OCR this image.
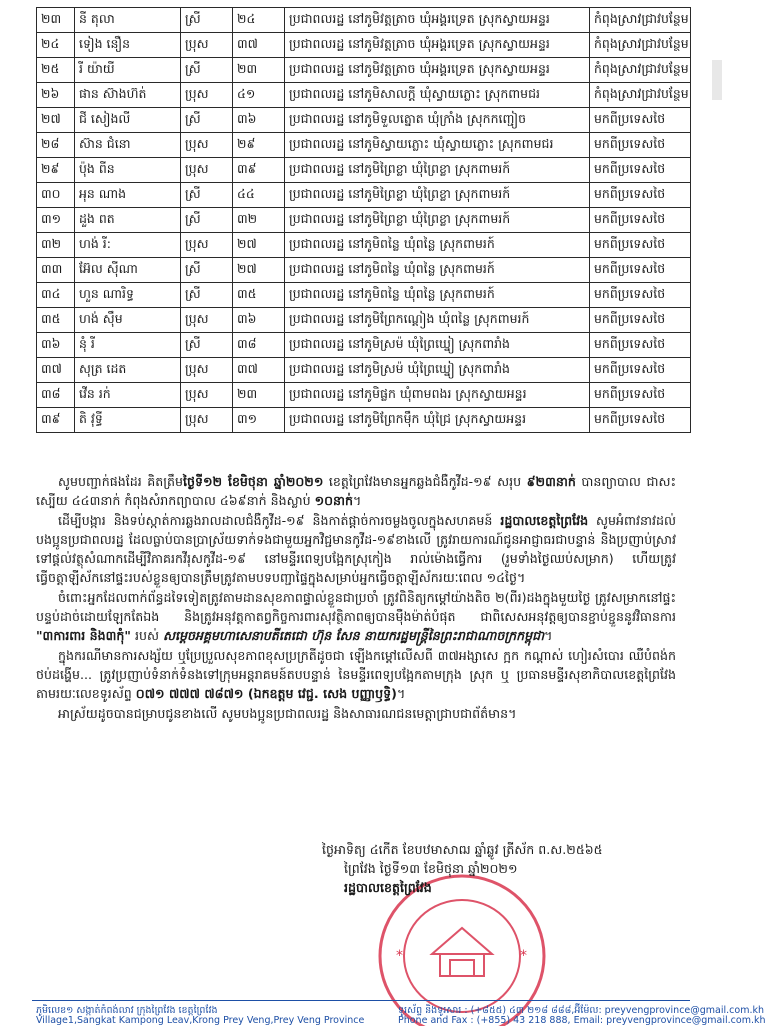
២៣	នី តុលា	ស្រី	២៤	ប្រជាពលរដ្ឋ នៅភូមិវត្តត្រាច ឃុំអង្គរទ្រេត ស្រុកស្វាយអន្ទរ	កំពុងស្រាវជ្រាវបន្ថែម
២៤	ទៀង នឿន	ប្រុស	៣៧	ប្រជាពលរដ្ឋ នៅភូមិវត្តត្រាច ឃុំអង្គរទ្រេត ស្រុកស្វាយអន្ទរ	កំពុងស្រាវជ្រាវបន្ថែម
២៥	រី យ៉ាយី	ស្រី	២៣	ប្រជាពលរដ្ឋ នៅភូមិវត្តត្រាច ឃុំអង្គរទ្រេត ស្រុកស្វាយអន្ទរ	កំពុងស្រាវជ្រាវបន្ថែម
២៦	ផាន ស៊ាងហ៊ត់	ប្រុស	៤១	ប្រជាពលរដ្ឋ នៅភូមិសាលក្តី ឃុំស្វាយភ្លោះ ស្រុកពាមជរ	កំពុងស្រាវជ្រាវបន្ថែម
២៧	ជី សៀងលី	ស្រី	៣៦	ប្រជាពលរដ្ឋ នៅភូមិទួលត្នោត ឃុំក្រាំង ស្រុកកញ្ជៀច	មកពីប្រទេសថៃ
២៨	ស៊ាន ជំនោ	ប្រុស	២៩	ប្រជាពលរដ្ឋ នៅភូមិស្វាយភ្លោះ ឃុំស្វាយភ្លោះ ស្រុកពាមជរ	មកពីប្រទេសថៃ
២៩	ប៉ុង ពីន	ប្រុស	៣៩	ប្រជាពលរដ្ឋ នៅភូមិព្រៃខ្លា ឃុំព្រៃខ្លា ស្រុកពាមរក៍	មកពីប្រទេសថៃ
៣០	អុន ណាង	ស្រី	៤៤	ប្រជាពលរដ្ឋ នៅភូមិព្រៃខ្លា ឃុំព្រៃខ្លា ស្រុកពាមរក៍	មកពីប្រទេសថៃ
៣១	ដួង ពត	ស្រី	៣២	ប្រជាពលរដ្ឋ នៅភូមិព្រៃខ្លា ឃុំព្រៃខ្លា ស្រុកពាមរក៍	មកពីប្រទេសថៃ
៣២	ហង់ រី:	ប្រុស	២៧	ប្រជាពលរដ្ឋ នៅភូមិពន្លៃ ឃុំពន្លៃ ស្រុកពាមរក៍	មកពីប្រទេសថៃ
៣៣	អ៊ែល ស៊ីណា	ស្រី	២៧	ប្រជាពលរដ្ឋ នៅភូមិពន្លៃ ឃុំពន្លៃ ស្រុកពាមរក៍	មកពីប្រទេសថៃ
៣៤	ហួន ណារិទ្ធ	ស្រី	៣៥	ប្រជាពលរដ្ឋ នៅភូមិពន្លៃ ឃុំពន្លៃ ស្រុកពាមរក៍	មកពីប្រទេសថៃ
៣៥	ហង់ ស៊ឹម	ប្រុស	៣៦	ប្រជាពលរដ្ឋ នៅភូមិព្រែកណ្តៀង ឃុំពន្លៃ ស្រុកពាមរក៍	មកពីប្រទេសថៃ
៣៦	នុំ រី	ស្រី	៣៨	ប្រជាពលរដ្ឋ នៅភូមិស្រម៉ ឃុំព្រៃឃ្នៀ ស្រុកពារាំង	មកពីប្រទេសថៃ
៣៧	សុត្រ ដេត	ប្រុស	៣៧	ប្រជាពលរដ្ឋ នៅភូមិស្រម៉ ឃុំព្រៃឃ្នៀ ស្រុកពារាំង	មកពីប្រទេសថៃ
៣៨	វើន រក់	ប្រុស	២៣	ប្រជាពលរដ្ឋ នៅភូមិផ្លក ឃុំពាមពងរ ស្រុកស្វាយអន្ទរ	មកពីប្រទេសថៃ
៣៩	តិ វុទ្ធី	ប្រុស	៣១	ប្រជាពលរដ្ឋ នៅភូមិព្រែកម៉ឹក ឃុំជ្រៃ ស្រុកស្វាយអន្ទរ	មកពីប្រទេសថៃ

សូមបញ្ជាក់ផងដែរ គិតត្រឹមថ្ងៃទី១២ ខែមិថុនា ឆ្នាំ២០២១ ខេត្តព្រៃវែងមានអ្នកឆ្លងជំងឺកូវីដ-១៩ សរុប ៩២៣នាក់ បានព្យាបាល ជាសះស្បើយ ៤៤៣នាក់ កំពុងសំរាកព្យាបាល ៤៦៩នាក់ និងស្លាប់ ១០នាក់។

ដើម្បីបង្ការ និងទប់ស្កាត់ការឆ្លងរាលដាលជំងឺកូវីដ-១៩ និងកាត់ផ្តាច់ការចម្លងចូលក្នុងសហគមន៍ រដ្ឋបាលខេត្តព្រៃវែង សូមអំពាវនាវដល់ បងប្អូនប្រជាពលរដ្ឋ ដែលធ្លាប់បានប្រាស្រ័យទាក់ទងជាមួយអ្នកវិជ្ជមានកូវីដ-១៩ខាងលើ ត្រូវរាយការណ៍ជូនអាជ្ញាធរជាបន្ទាន់ និងប្រញាប់ស្រាវទៅផ្តល់វត្ថុសំណាកដើម្បីវិភាគរកវីរុសកូវីដ-១៩ នៅមន្ទីរពេទ្យបង្អែកស្រុកៀង រាល់ម៉ោងធ្វើការ (រួមទាំងថ្ងៃឈប់សម្រាក) ហើយត្រូវធ្វើចត្តាឡីស័កនៅផ្ទះរបស់ខ្លួនឲ្យបានត្រឹមត្រូវតាមបទបញ្ជាផ្ទៃក្នុងសម្រាប់អ្នកធ្វើចត្តាឡីស័ករយៈពេល ១៤ថ្ងៃ។

ចំពោះអ្នកដែលពាក់ព័ន្ធដទៃទៀតត្រូវតាមដានសុខភាពផ្ទាល់ខ្លួនជាប្រចាំ ត្រូវពិនិត្យកម្តៅយ៉ាងតិច ២(ពីរ)ដងក្នុងមួយថ្ងៃ ត្រូវសម្រាកនៅផ្ទះបន្ទប់ដាច់ដោយឡែកតែឯង និងត្រូវអនុវត្តកាតព្វកិច្ចការពារសុវត្ថិភាពឲ្យបានម៉ឺងម៉ាត់បំផុត ជាពិសេសអនុវត្តឲ្យបានខ្ជាប់ខ្ជួននូវវិធានការ "៣ការពារ និង៣កុំ" របស់ សម្តេចអគ្គមហាសេនាបតីតេជោ ហ៊ុន សែន នាយករដ្ឋមន្ត្រីនៃព្រះរាជាណាចក្រកម្ពុជា។

ក្នុងករណីមានការសង្ស័យ ឬប្រែប្រួលសុខភាពខុសប្រក្រតីដូចជា ឡើងកម្តៅលើសពី ៣៧អង្សាសេ ក្អក កណ្តាស់ ហៀរសំបោរ ឈឺបំពង់ក ថប់ដង្ហើម... ត្រូវប្រញាប់ទំនាក់ទំនងទៅក្រុមអន្តរាគមន៍តបបន្ទាន់ នៃមន្ទីរពេទ្យបង្អែកតាមក្រុង ស្រុក ឬ ប្រធានមន្ទីរសុខាភិបាលខេត្តព្រៃវែង តាមរយៈលេខទូរស័ព្ទ ០៧១ ៧៧៧ ៧៨៧១ (ឯកឧត្តម វេជ្ជ. សេង បញ្ញាឫទ្ធិ)។

អាស្រ័យដូចបានជម្រាបជូនខាងលើ សូមបងប្អូនប្រជាពលរដ្ឋ និងសាធារណជនមេត្តាជ្រាបជាព័ត៌មាន។

*	*
ថ្ងៃអាទិត្យ ៤កើត ខែបឋមាសាឍ ឆ្នាំឆ្លូវ ត្រីស័ក ព.ស.២៥៦៥
ព្រៃវែង ថ្ងៃទី១៣ ខែមិថុនា ឆ្នាំ២០២១
រដ្ឋបាលខេត្តព្រៃវែង
ភូមិលេខ១ សង្កាត់កំពង់លាវ ក្រុងព្រៃវែង ខេត្តព្រៃវែង
Village1,Sangkat Kampong Leav,Krong Prey Veng,Prey Veng Province
ទូរស័ព្ទ និងទូរសារ : (+៨៥៥) ៤៣ ២១៨ ៨៨៨,អ៊ីម៉ែល: preyvengprovince@gmail.com.kh
Phone and Fax : (+855) 43 218 888, Email: preyvengprovince@gmail.com.kh
